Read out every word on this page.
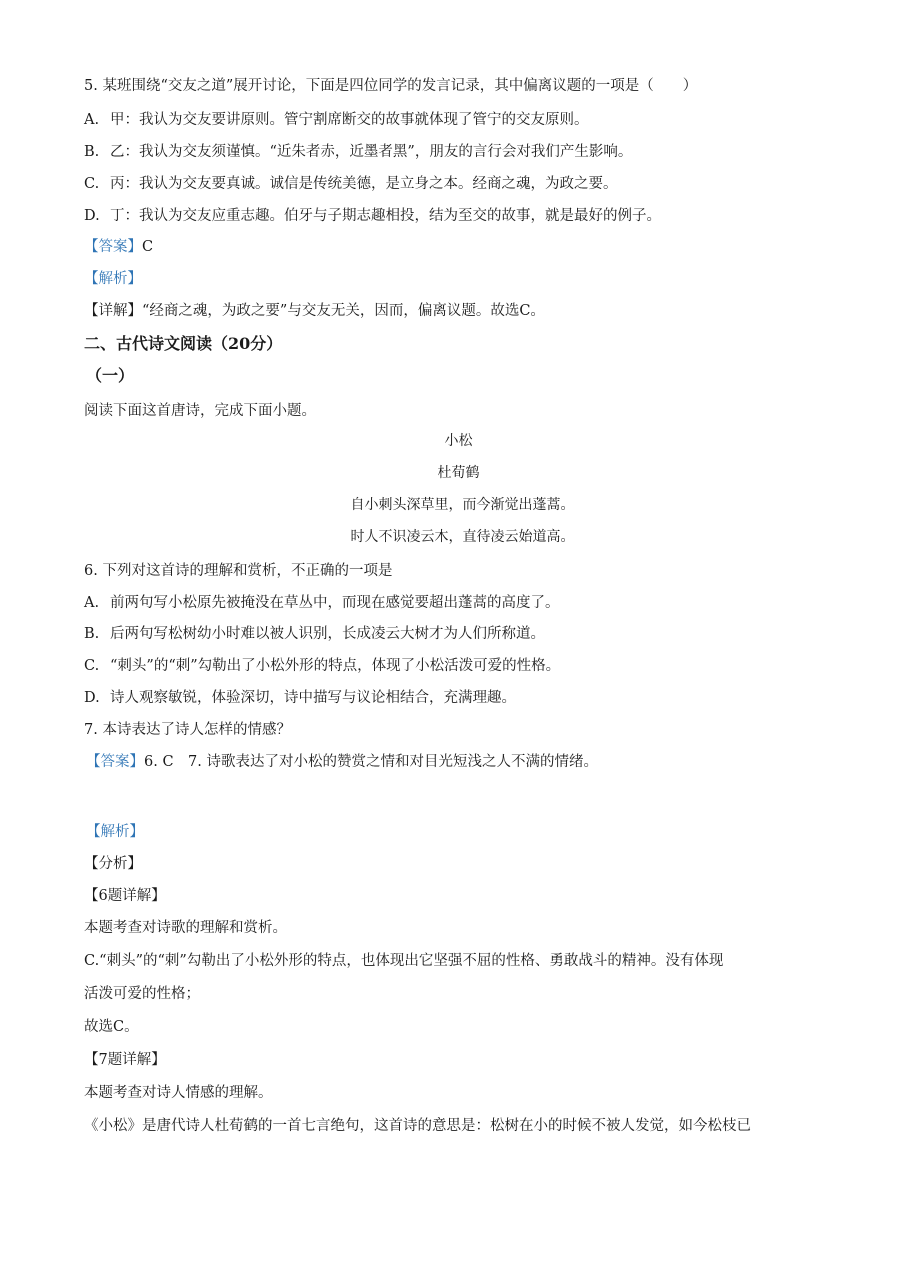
5. 某班围绕“交友之道”展开讨论，下面是四位同学的发言记录，其中偏离议题的一项是（　　）
A. 甲：我认为交友要讲原则。管宁割席断交的故事就体现了管宁的交友原则。
B. 乙：我认为交友须谨慎。“近朱者赤，近墨者黑”，朋友的言行会对我们产生影响。
C. 丙：我认为交友要真诚。诚信是传统美德，是立身之本。经商之魂，为政之要。
D. 丁：我认为交友应重志趣。伯牙与子期志趣相投，结为至交的故事，就是最好的例子。
【答案】C
【解析】
【详解】“经商之魂，为政之要”与交友无关，因而，偏离议题。故选C。
二、古代诗文阅读（20分）
（一）
阅读下面这首唐诗，完成下面小题。
小松
杜荀鹤
自小刺头深草里，而今渐觉出蓬蒿。
时人不识凌云木，直待凌云始道高。
6. 下列对这首诗的理解和赏析，不正确的一项是
A. 前两句写小松原先被掩没在草丛中，而现在感觉要超出蓬蒿的高度了。
B. 后两句写松树幼小时难以被人识别，长成凌云大树才为人们所称道。
C. “刺头”的“刺”勾勒出了小松外形的特点，体现了小松活泼可爱的性格。
D. 诗人观察敏锐，体验深切，诗中描写与议论相结合，充满理趣。
7. 本诗表达了诗人怎样的情感？
【答案】6. C　7. 诗歌表达了对小松的赞赏之情和对目光短浅之人不满的情绪。
【解析】
【分析】
【6题详解】
本题考查对诗歌的理解和赏析。
C.“刺头”的“刺”勾勒出了小松外形的特点，也体现出它坚强不屈的性格、勇敢战斗的精神。没有体现
活泼可爱的性格；
故选C。
【7题详解】
本题考查对诗人情感的理解。
《小松》是唐代诗人杜荀鹤的一首七言绝句，这首诗的意思是：松树在小的时候不被人发觉，如今松枝已
